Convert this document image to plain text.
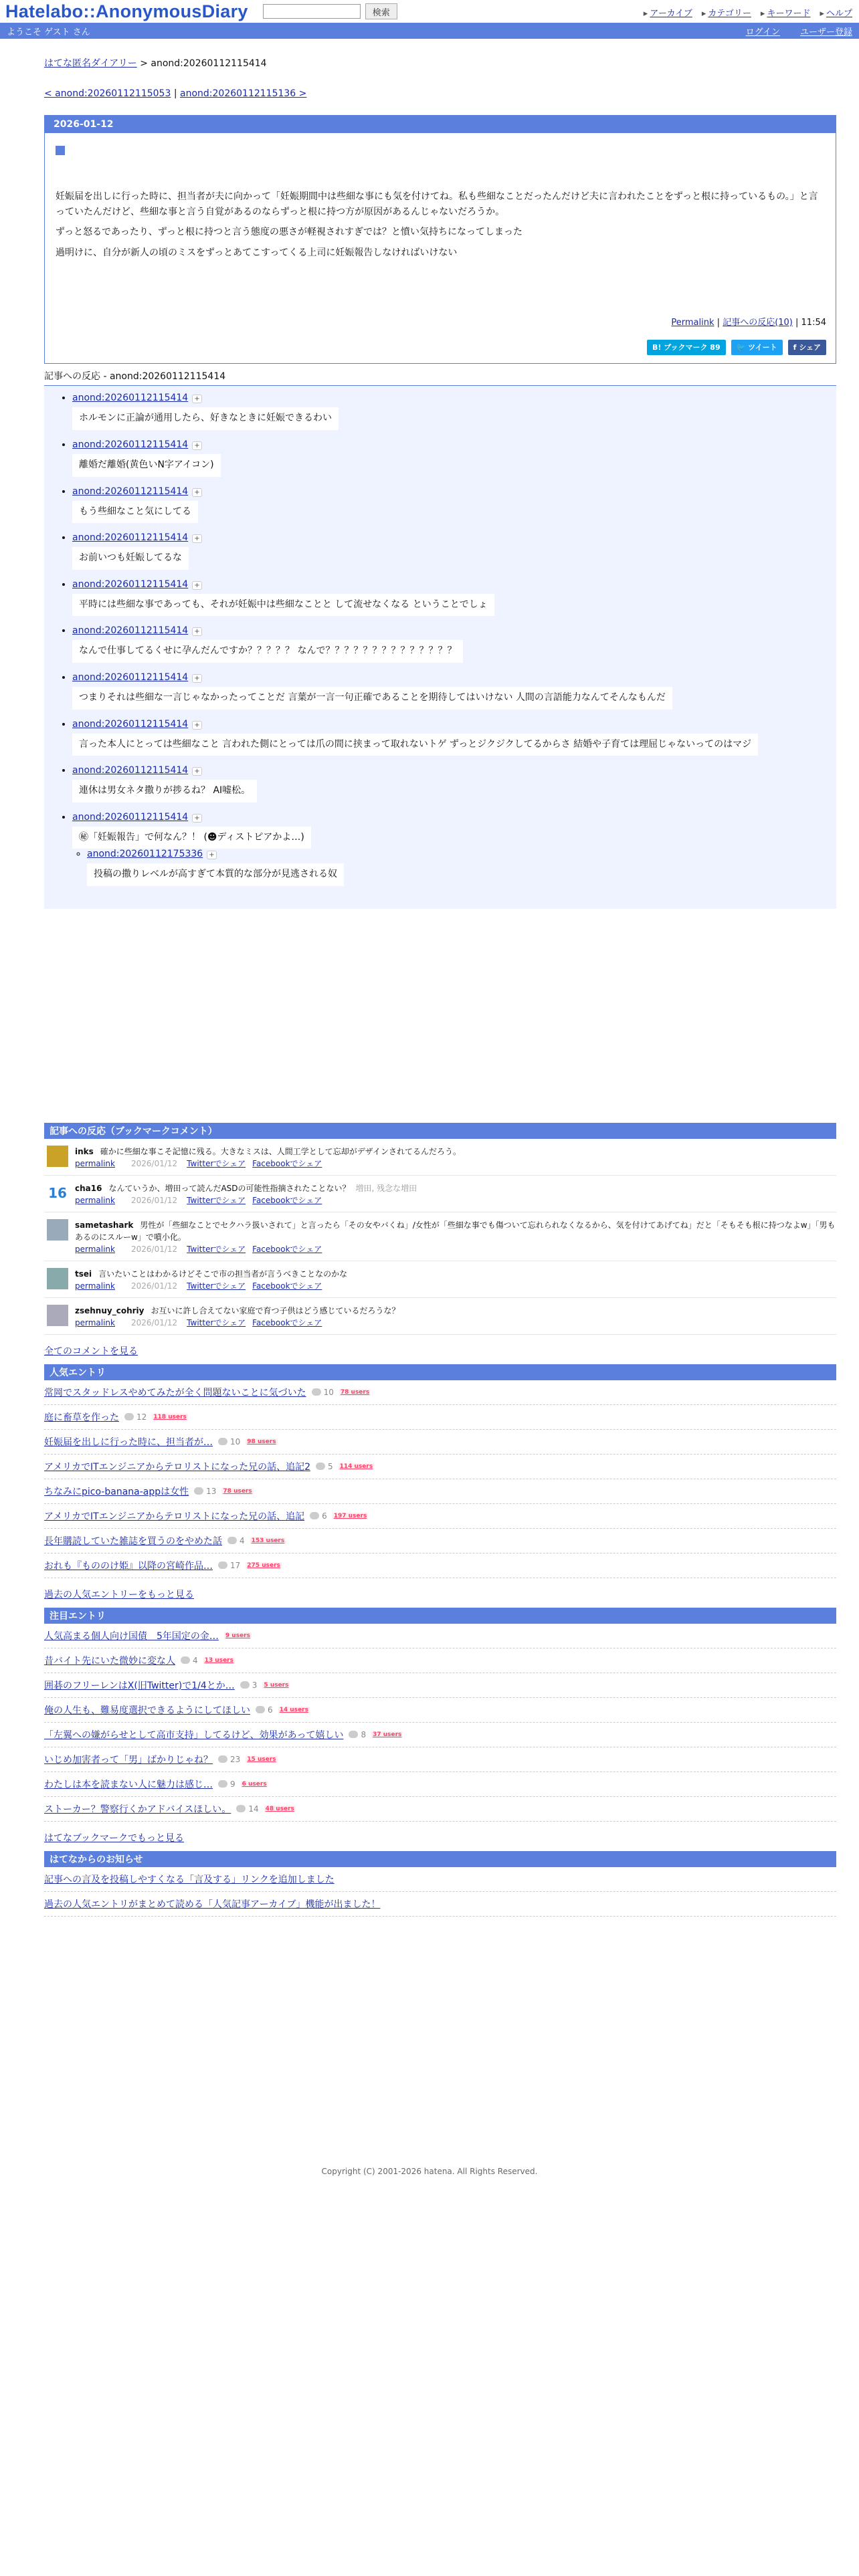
Hatelabo::AnonymousDiary	検索	▸ アーカイブ	▸ カテゴリー	▸ キーワード	▸ ヘルプ
ようこそ ゲスト さん	ログイン ユーザー登録
はてな匿名ダイアリー > anond:20260112115414
< anond:20260112115053 | anond:20260112115136 >
2026-01-12

妊娠届を出しに行った時に、担当者が夫に向かって「妊娠期間中は些細な事にも気を付けてね。私も些細なことだったんだけど夫に言われたことをずっと根に持っているもの。」と言っていたんだけど、些細な事と言う自覚があるのならずっと根に持つ方が原因があるんじゃないだろうか。

ずっと怒るであったり、ずっと根に持つと言う態度の悪さが軽視されすぎでは？と憤い気持ちになってしまった

過明けに、自分が新人の頃のミスをずっとあてこすってくる上司に妊娠報告しなければいけない

Permalink | 記事への反応(10) | 11:54
B! ブックマーク 89	🐦 ツイート	f シェア
記事への反応 - anond:20260112115414
• anond:20260112115414 +
ホルモンに正論が通用したら、好きなときに妊娠できるわい
• anond:20260112115414 +
離婚だ離婚(黄色いN字アイコン)
• anond:20260112115414 +
もう些細なこと気にしてる
• anond:20260112115414 +
お前いつも妊娠してるな
• anond:20260112115414 +
平時には些細な事であっても、それが妊娠中は些細なことと して流せなくなる ということでしょ
• anond:20260112115414 +
なんで仕事してるくせに孕んだんですか？？？？？ なんで？？？？？？？？？？？？？？
• anond:20260112115414 +
つまりそれは些細な一言じゃなかったってことだ 言葉が一言一句正確であることを期待してはいけない 人間の言語能力なんてそんなもんだ
• anond:20260112115414 +
言った本人にとっては些細なこと 言われた側にとっては爪の間に挟まって取れないトゲ ずっとジクジクしてるからさ 結婚や子育ては理屈じゃないってのはマジ
• anond:20260112115414 +
連休は男女ネタ撒りが捗るね？ AI嘘松。
• anond:20260112115414 +
㊙「妊娠報告」で何なん？！ (☻ディストピアかよ…)
◦ anond:20260112175336 +
投稿の撒りレベルが高すぎて本質的な部分が見逃される奴
記事への反応（ブックマークコメント）
inks 確かに些細な事こそ記憶に残る。大きなミスは、人間工学として忘却がデザインされてるんだろう。
permalink 2026/01/12 Twitterでシェア Facebookでシェア
16 cha16 なんていうか、増田って読んだASDの可能性指摘されたことない？ 増田, 残念な増田
permalink 2026/01/12 Twitterでシェア Facebookでシェア
sametashark 男性が「些細なことでセクハラ扱いされて」と言ったら「その女やバくね」/女性が「些細な事でも傷ついて忘れられなくなるから、気を付けてあげてね」だと「そもそも根に持つなよw」「男もあるのにスルーw」で噴小化。
permalink 2026/01/12 Twitterでシェア Facebookでシェア
tsei 言いたいことはわかるけどそこで市の担当者が言うべきことなのかな
permalink 2026/01/12 Twitterでシェア Facebookでシェア
zsehnuy_cohriy お互いに許し合えてない家庭で育つ子供はどう感じているだろうな？
permalink 2026/01/12 Twitterでシェア Facebookでシェア
全てのコメントを見る
人気エントリ
常岡でスタッドレスやめてみたが全く問題ないことに気づいた 10 78 users
庭に畜草を作った 12 118 users
妊娠届を出しに行った時に、担当者が… 10 98 users
アメリカでITエンジニアからテロリストになった兄の話、追記2 5 114 users
ちなみにpico-banana-appは女性 13 78 users
アメリカでITエンジニアからテロリストになった兄の話、追記 6 197 users
長年購読していた雑誌を買うのをやめた話 4 153 users
おれも『もののけ姫』以降の宮崎作品… 17 275 users
過去の人気エントリーをもっと見る
注目エントリ
人気高まる個人向け国債　5年国定の金… 9 users
昔バイト先にいた微妙に変な人 4 13 users
囲碁のフリーレンはX(旧Twitter)で1/4とか… 3 5 users
俺の人生も、難易度選択できるようにしてほしい 6 14 users
「左翼への嫌がらせとして高市支持」してるけど、効果があって嬉しい 8 37 users
いじめ加害者って「男」ばかりじゃね？ 23 15 users
わたしは本を読まない人に魅力は感じ… 9 6 users
ストーカー？警察行くかアドバイスほしい。 14 48 users
はてなブックマークでもっと見る
はてなからのお知らせ
記事への言及を投稿しやすくなる「言及する」リンクを追加しました
過去の人気エントリがまとめて読める「人気記事アーカイブ」機能が出ました！
Copyright (C) 2001-2026 hatena. All Rights Reserved.
